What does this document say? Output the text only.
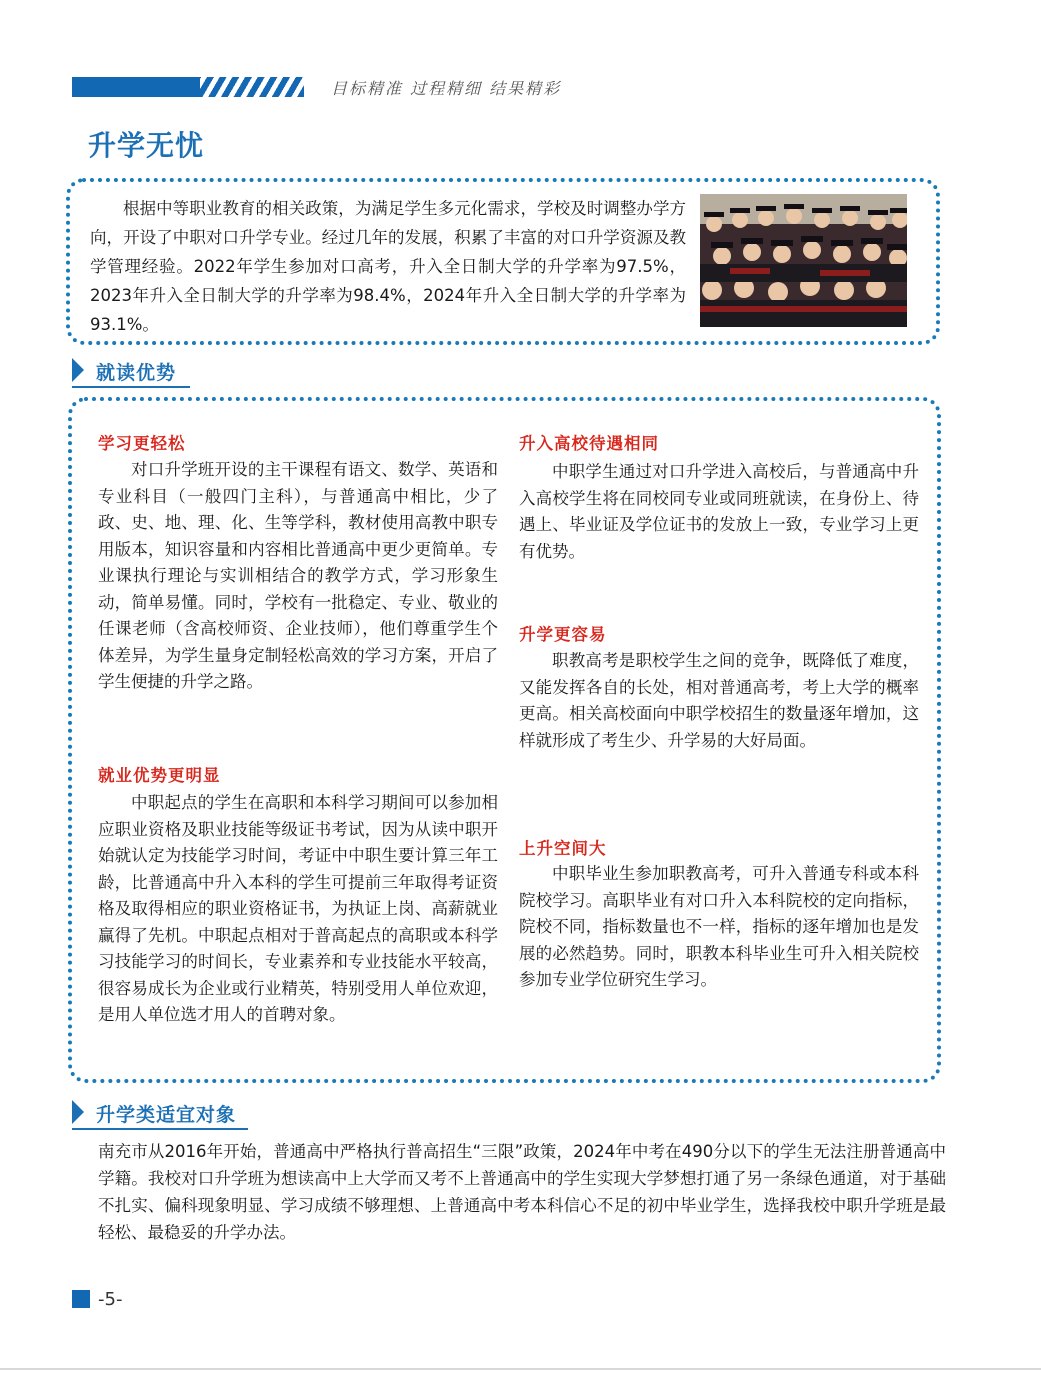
目标精准 过程精细 结果精彩
升学无忧
根据中等职业教育的相关政策，为满足学生多元化需求，学校及时调整办学方向，开设了中职对口升学专业。经过几年的发展，积累了丰富的对口升学资源及教学管理经验。2022年学生参加对口高考，升入全日制大学的升学率为97.5%，2023年升入全日制大学的升学率为98.4%，2024年升入全日制大学的升学率为93.1%。
就读优势
学习更轻松
对口升学班开设的主干课程有语文、数学、英语和专业科目（一般四门主科），与普通高中相比，少了政、史、地、理、化、生等学科，教材使用高教中职专用版本，知识容量和内容相比普通高中更少更简单。专业课执行理论与实训相结合的教学方式，学习形象生动，简单易懂。同时，学校有一批稳定、专业、敬业的任课老师（含高校师资、企业技师），他们尊重学生个体差异，为学生量身定制轻松高效的学习方案，开启了学生便捷的升学之路。
就业优势更明显
中职起点的学生在高职和本科学习期间可以参加相应职业资格及职业技能等级证书考试，因为从读中职开始就认定为技能学习时间，考证中中职生要计算三年工龄，比普通高中升入本科的学生可提前三年取得考证资格及取得相应的职业资格证书，为执证上岗、高薪就业赢得了先机。中职起点相对于普高起点的高职或本科学习技能学习的时间长，专业素养和专业技能水平较高，很容易成长为企业或行业精英，特别受用人单位欢迎，是用人单位选才用人的首聘对象。
升入高校待遇相同
中职学生通过对口升学进入高校后，与普通高中升入高校学生将在同校同专业或同班就读，在身份上、待遇上、毕业证及学位证书的发放上一致，专业学习上更有优势。
升学更容易
职教高考是职校学生之间的竞争，既降低了难度，又能发挥各自的长处，相对普通高考，考上大学的概率更高。相关高校面向中职学校招生的数量逐年增加，这样就形成了考生少、升学易的大好局面。
上升空间大
中职毕业生参加职教高考，可升入普通专科或本科院校学习。高职毕业有对口升入本科院校的定向指标，院校不同，指标数量也不一样，指标的逐年增加也是发展的必然趋势。同时，职教本科毕业生可升入相关院校参加专业学位研究生学习。
升学类适宜对象
南充市从2016年开始，普通高中严格执行普高招生“三限”政策，2024年中考在490分以下的学生无法注册普通高中学籍。我校对口升学班为想读高中上大学而又考不上普通高中的学生实现大学梦想打通了另一条绿色通道，对于基础不扎实、偏科现象明显、学习成绩不够理想、上普通高中考本科信心不足的初中毕业学生，选择我校中职升学班是最轻松、最稳妥的升学办法。
-5-
